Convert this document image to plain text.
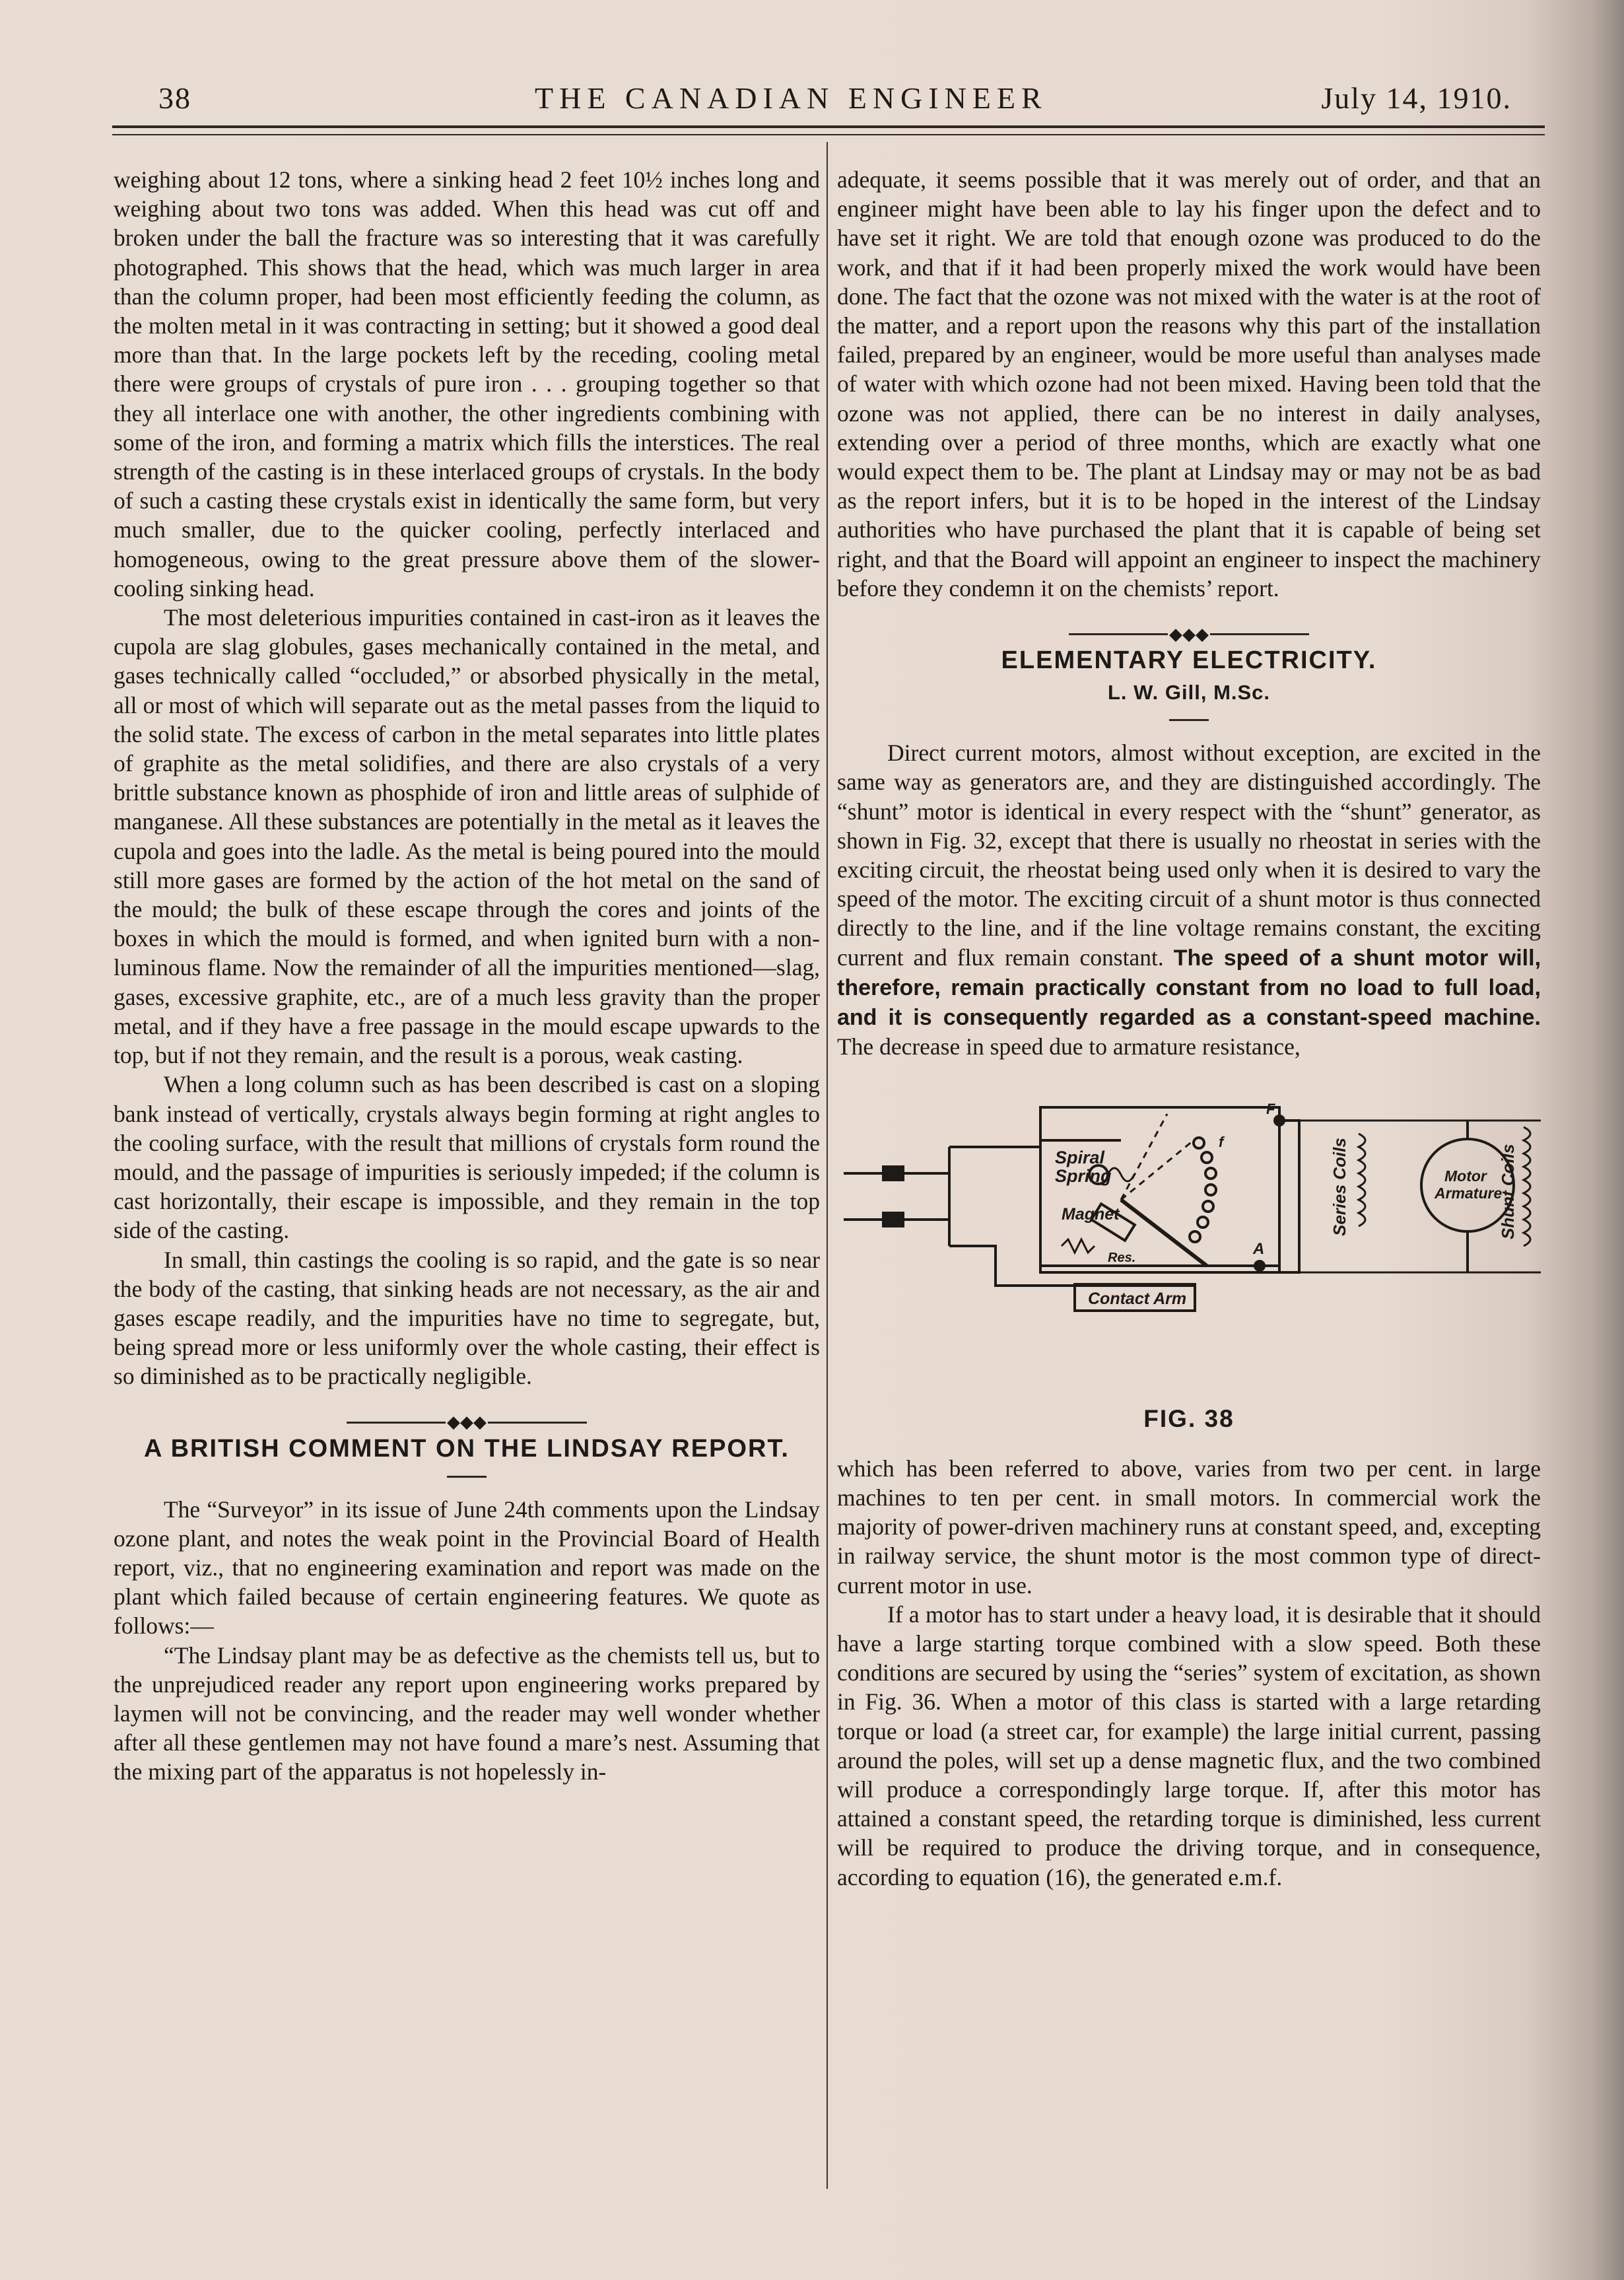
38	THE CANADIAN ENGINEER	July 14, 1910.

weighing about 12 tons, where a sinking head 2 feet 10½ inches long and weighing about two tons was added. When this head was cut off and broken under the ball the fracture was so interesting that it was carefully photographed. This shows that the head, which was much larger in area than the column proper, had been most efficiently feeding the column, as the molten metal in it was contracting in setting; but it showed a good deal more than that. In the large pockets left by the receding, cooling metal there were groups of crystals of pure iron . . . grouping together so that they all interlace one with another, the other ingredients combining with some of the iron, and forming a matrix which fills the interstices. The real strength of the casting is in these interlaced groups of crystals. In the body of such a casting these crystals exist in identically the same form, but very much smaller, due to the quicker cooling, perfectly interlaced and homogeneous, owing to the great pressure above them of the slower-cooling sinking head.

The most deleterious impurities contained in cast-iron as it leaves the cupola are slag globules, gases mechanically contained in the metal, and gases technically called “occluded,” or absorbed physically in the metal, all or most of which will separate out as the metal passes from the liquid to the solid state. The excess of carbon in the metal separates into little plates of graphite as the metal solidifies, and there are also crystals of a very brittle substance known as phosphide of iron and little areas of sulphide of manganese. All these substances are potentially in the metal as it leaves the cupola and goes into the ladle. As the metal is being poured into the mould still more gases are formed by the action of the hot metal on the sand of the mould; the bulk of these escape through the cores and joints of the boxes in which the mould is formed, and when ignited burn with a non-luminous flame. Now the remainder of all the impurities mentioned—slag, gases, excessive graphite, etc., are of a much less gravity than the proper metal, and if they have a free passage in the mould escape upwards to the top, but if not they remain, and the result is a porous, weak casting.

When a long column such as has been described is cast on a sloping bank instead of vertically, crystals always begin forming at right angles to the cooling surface, with the result that millions of crystals form round the mould, and the passage of impurities is seriously impeded; if the column is cast horizontally, their escape is impossible, and they remain in the top side of the casting.

In small, thin castings the cooling is so rapid, and the gate is so near the body of the casting, that sinking heads are not necessary, as the air and gases escape readily, and the impurities have no time to segregate, but, being spread more or less uniformly over the whole casting, their effect is so diminished as to be practically negligible.

◆◆◆
A BRITISH COMMENT ON THE LINDSAY REPORT.

The “Surveyor” in its issue of June 24th comments upon the Lindsay ozone plant, and notes the weak point in the Provincial Board of Health report, viz., that no engineering examination and report was made on the plant which failed because of certain engineering features. We quote as follows:—

“The Lindsay plant may be as defective as the chemists tell us, but to the unprejudiced reader any report upon engineering works prepared by laymen will not be convincing, and the reader may well wonder whether after all these gentlemen may not have found a mare’s nest. Assuming that the mixing part of the apparatus is not hopelessly in-

adequate, it seems possible that it was merely out of order, and that an engineer might have been able to lay his finger upon the defect and to have set it right. We are told that enough ozone was produced to do the work, and that if it had been properly mixed the work would have been done. The fact that the ozone was not mixed with the water is at the root of the matter, and a report upon the reasons why this part of the installation failed, prepared by an engineer, would be more useful than analyses made of water with which ozone had not been mixed. Having been told that the ozone was not applied, there can be no interest in daily analyses, extending over a period of three months, which are exactly what one would expect them to be. The plant at Lindsay may or may not be as bad as the report infers, but it is to be hoped in the interest of the Lindsay authorities who have purchased the plant that it is capable of being set right, and that the Board will appoint an engineer to inspect the machinery before they condemn it on the chemists’ report.

◆◆◆
ELEMENTARY ELECTRICITY.
L. W. Gill, M.Sc.

Direct current motors, almost without exception, are excited in the same way as generators are, and they are distinguished accordingly. The “shunt” motor is identical in every respect with the “shunt” generator, as shown in Fig. 32, except that there is usually no rheostat in series with the exciting circuit, the rheostat being used only when it is desired to vary the speed of the motor. The exciting circuit of a shunt motor is thus connected directly to the line, and if the line voltage remains constant, the exciting current and flux remain constant. The speed of a shunt motor will, therefore, remain practically constant from no load to full load, and it is consequently regarded as a constant-speed machine. The decrease in speed due to armature resistance,

Spiral
Spring
Magnet
Res.
Contact Arm
A
F
f
Motor
Armature
Series Coils	Shunt Coils
FIG. 38

which has been referred to above, varies from two per cent. in large machines to ten per cent. in small motors. In commercial work the majority of power-driven machinery runs at constant speed, and, excepting in railway service, the shunt motor is the most common type of direct-current motor in use.

If a motor has to start under a heavy load, it is desirable that it should have a large starting torque combined with a slow speed. Both these conditions are secured by using the “series” system of excitation, as shown in Fig. 36. When a motor of this class is started with a large retarding torque or load (a street car, for example) the large initial current, passing around the poles, will set up a dense magnetic flux, and the two combined will produce a correspondingly large torque. If, after this motor has attained a constant speed, the retarding torque is diminished, less current will be required to produce the driving torque, and in consequence, according to equation (16), the generated e.m.f.
